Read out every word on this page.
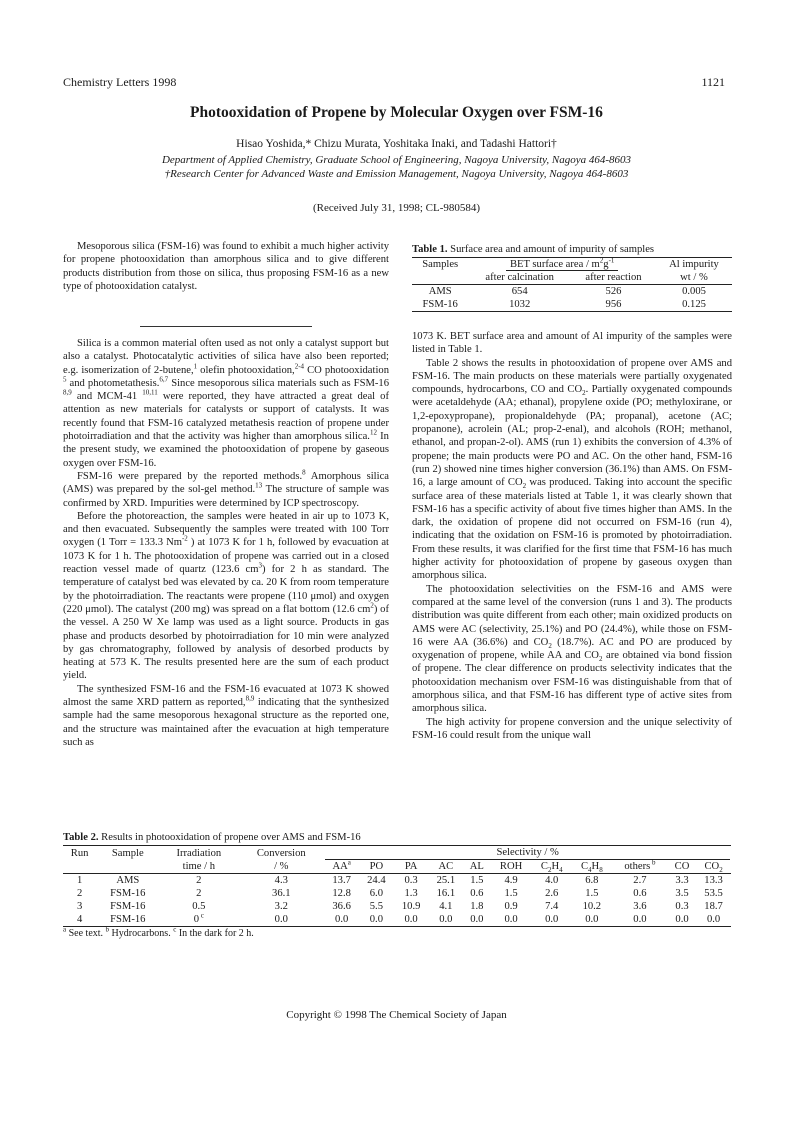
Chemistry Letters 1998	1121
Photooxidation of Propene by Molecular Oxygen over FSM-16
Hisao Yoshida,* Chizu Murata, Yoshitaka Inaki, and Tadashi Hattori†
Department of Applied Chemistry, Graduate School of Engineering, Nagoya University, Nagoya 464-8603
†Research Center for Advanced Waste and Emission Management, Nagoya University, Nagoya 464-8603
(Received July 31, 1998; CL-980584)

Mesoporous silica (FSM-16) was found to exhibit a much higher activity for propene photooxidation than amorphous silica and to give different products distribution from those on silica, thus proposing FSM-16 as a new type of photooxidation catalyst.

Silica is a common material often used as not only a catalyst support but also a catalyst. Photocatalytic activities of silica have also been reported; e.g. isomerization of 2-butene,$^1$ olefin photooxidation,$^{2-4}$ CO photooxidation $^5$ and photometathesis.$^{6,7}$ Since mesoporous silica materials such as FSM-16 $^{8,9}$ and MCM-41 $^{10,11}$ were reported, they have attracted a great deal of attention as new materials for catalysts or support of catalysts. It was recently found that FSM-16 catalyzed metathesis reaction of propene under photoirradiation and that the activity was higher than amorphous silica.$^{12}$ In the present study, we examined the photooxidation of propene by gaseous oxygen over FSM-16.

FSM-16 were prepared by the reported methods.$^8$ Amorphous silica (AMS) was prepared by the sol-gel method.$^{13}$ The structure of sample was confirmed by XRD. Impurities were determined by ICP spectroscopy.

Before the photoreaction, the samples were heated in air up to 1073 K, and then evacuated. Subsequently the samples were treated with 100 Torr oxygen (1 Torr = 133.3 $Nm^{-2}$ ) at 1073 K for 1 h, followed by evacuation at 1073 K for 1 h. The photooxidation of propene was carried out in a closed reaction vessel made of quartz (123.6 $cm^3$) for 2 h as standard. The temperature of catalyst bed was elevated by ca. 20 K from room temperature by the photoirradiation. The reactants were propene (110 μmol) and oxygen (220 μmol). The catalyst (200 mg) was spread on a flat bottom (12.6 $cm^2$) of the vessel. A 250 W Xe lamp was used as a light source. Products in gas phase and products desorbed by photoirradiation for 10 min were analyzed by gas chromatography, followed by analysis of desorbed products by heating at 573 K. The results presented here are the sum of each product yield.

The synthesized FSM-16 and the FSM-16 evacuated at 1073 K showed almost the same XRD pattern as reported,$^{8,9}$ indicating that the synthesized sample had the same mesoporous hexagonal structure as the reported one, and the structure was maintained after the evacuation at high temperature such as

Table 1. Surface area and amount of impurity of samples
Samples	BET surface area / $m^2g^{-1}$		Al impurity
	after calcination	after reaction	wt / %
AMS	654	526	0.005
FSM-16	1032	956	0.125

1073 K. BET surface area and amount of Al impurity of the samples were listed in Table 1.

Table 2 shows the results in photooxidation of propene over AMS and FSM-16. The main products on these materials were partially oxygenated compounds, hydrocarbons, CO and $CO_2$. Partially oxygenated compounds were acetaldehyde (AA; ethanal), propylene oxide (PO; methyloxirane, or 1,2-epoxypropane), propionaldehyde (PA; propanal), acetone (AC; propanone), acrolein (AL; prop-2-enal), and alcohols (ROH; methanol, ethanol, and propan-2-ol). AMS (run 1) exhibits the conversion of 4.3% of propene; the main products were PO and AC. On the other hand, FSM-16 (run 2) showed nine times higher conversion (36.1%) than AMS. On FSM-16, a large amount of $CO_2$ was produced. Taking into account the specific surface area of these materials listed at Table 1, it was clearly shown that FSM-16 has a specific activity of about five times higher than AMS. In the dark, the oxidation of propene did not occurred on FSM-16 (run 4), indicating that the oxidation on FSM-16 is promoted by photoirradiation. From these results, it was clarified for the first time that FSM-16 has much higher activity for photooxidation of propene by gaseous oxygen than amorphous silica.

The photooxidation selectivities on the FSM-16 and AMS were compared at the same level of the conversion (runs 1 and 3). The products distribution was quite different from each other; main oxidized products on AMS were AC (selectivity, 25.1%) and PO (24.4%), while those on FSM-16 were AA (36.6%) and $CO_2$ (18.7%). AC and PO are produced by oxygenation of propene, while AA and $CO_2$ are obtained via bond fission of propene. The clear difference on products selectivity indicates that the photooxidation mechanism over FSM-16 was distinguishable from that of amorphous silica, and that FSM-16 has different type of active sites from amorphous silica.

The high activity for propene conversion and the unique selectivity of FSM-16 could result from the unique wall

Table 2. Results in photooxidation of propene over AMS and FSM-16
Run	Sample	Irradiation	Conversion	Selectivity / %										

		time / h	/ %	$AA^a$	PO	PA	AC	AL	ROH	$C_2H_4$	$C_4H_8$	others $^b$	CO	$CO_2$
1	AMS	2	4.3	13.7	24.4	0.3	25.1	1.5	4.9	4.0	6.8	2.7	3.3	13.3
2	FSM-16	2	36.1	12.8	6.0	1.3	16.1	0.6	1.5	2.6	1.5	0.6	3.5	53.5
3	FSM-16	0.5	3.2	36.6	5.5	10.9	4.1	1.8	0.9	7.4	10.2	3.6	0.3	18.7
4	FSM-16	0 $^c$	0.0	0.0	0.0	0.0	0.0	0.0	0.0	0.0	0.0	0.0	0.0	0.0
$^a$ See text. $^b$ Hydrocarbons. $^c$ In the dark for 2 h.
Copyright © 1998 The Chemical Society of Japan
